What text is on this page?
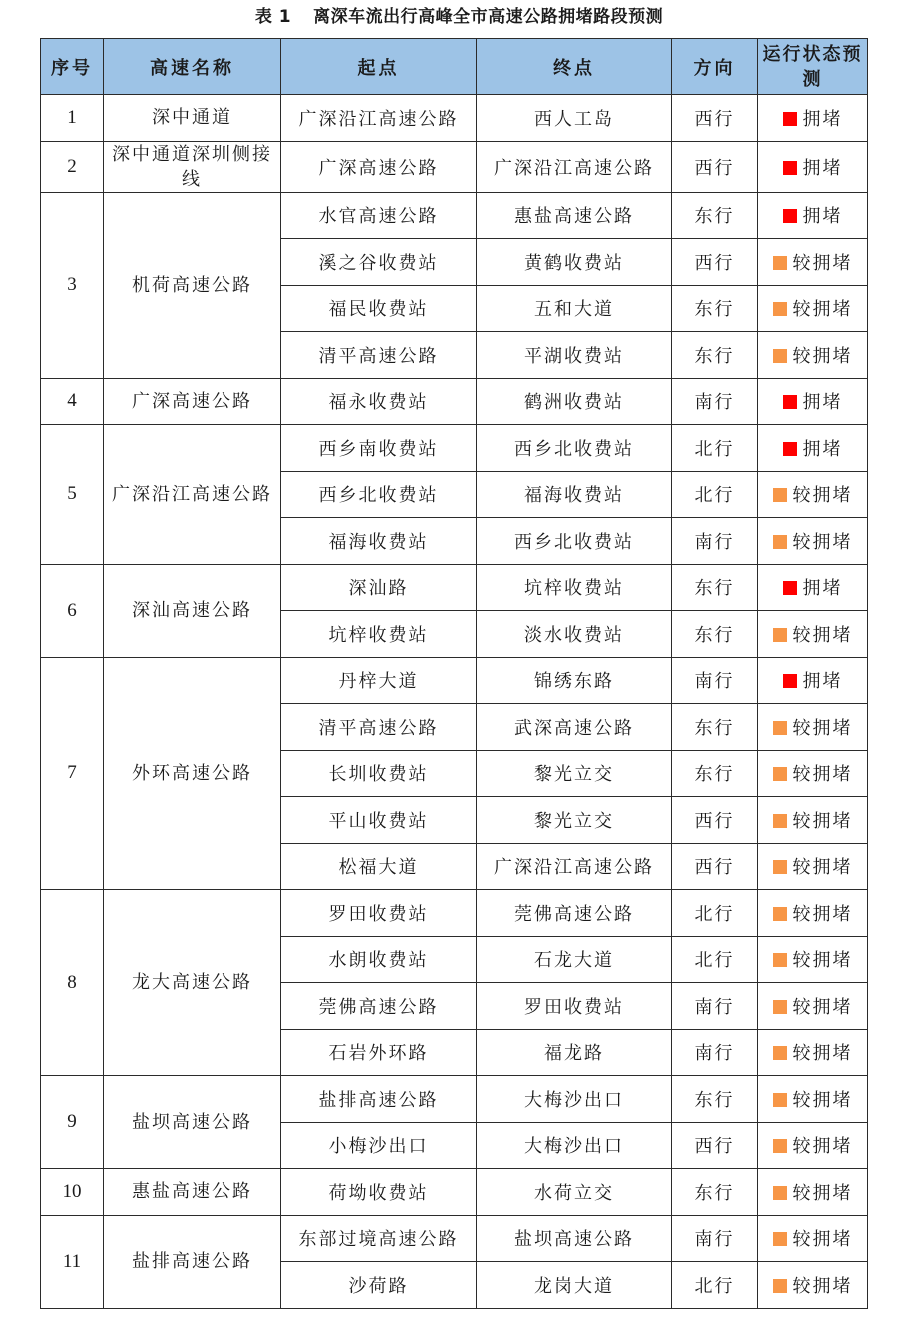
表 1 离深车流出行高峰全市高速公路拥堵路段预测
序号	高速名称	起点	终点	方向	运行状态预测
1	深中通道	广深沿江高速公路	西人工岛	西行	拥堵
2	深中通道深圳侧接线	广深高速公路	广深沿江高速公路	西行	拥堵
3	机荷高速公路	水官高速公路	惠盐高速公路	东行	拥堵
		溪之谷收费站	黄鹤收费站	西行	较拥堵
		福民收费站	五和大道	东行	较拥堵
		清平高速公路	平湖收费站	东行	较拥堵
4	广深高速公路	福永收费站	鹤洲收费站	南行	拥堵
5	广深沿江高速公路	西乡南收费站	西乡北收费站	北行	拥堵
		西乡北收费站	福海收费站	北行	较拥堵
		福海收费站	西乡北收费站	南行	较拥堵
6	深汕高速公路	深汕路	坑梓收费站	东行	拥堵
		坑梓收费站	淡水收费站	东行	较拥堵
7	外环高速公路	丹梓大道	锦绣东路	南行	拥堵
		清平高速公路	武深高速公路	东行	较拥堵
		长圳收费站	黎光立交	东行	较拥堵
		平山收费站	黎光立交	西行	较拥堵
		松福大道	广深沿江高速公路	西行	较拥堵
8	龙大高速公路	罗田收费站	莞佛高速公路	北行	较拥堵
		水朗收费站	石龙大道	北行	较拥堵
		莞佛高速公路	罗田收费站	南行	较拥堵
		石岩外环路	福龙路	南行	较拥堵
9	盐坝高速公路	盐排高速公路	大梅沙出口	东行	较拥堵
		小梅沙出口	大梅沙出口	西行	较拥堵
10	惠盐高速公路	荷坳收费站	水荷立交	东行	较拥堵
11	盐排高速公路	东部过境高速公路	盐坝高速公路	南行	较拥堵
		沙荷路	龙岗大道	北行	较拥堵
